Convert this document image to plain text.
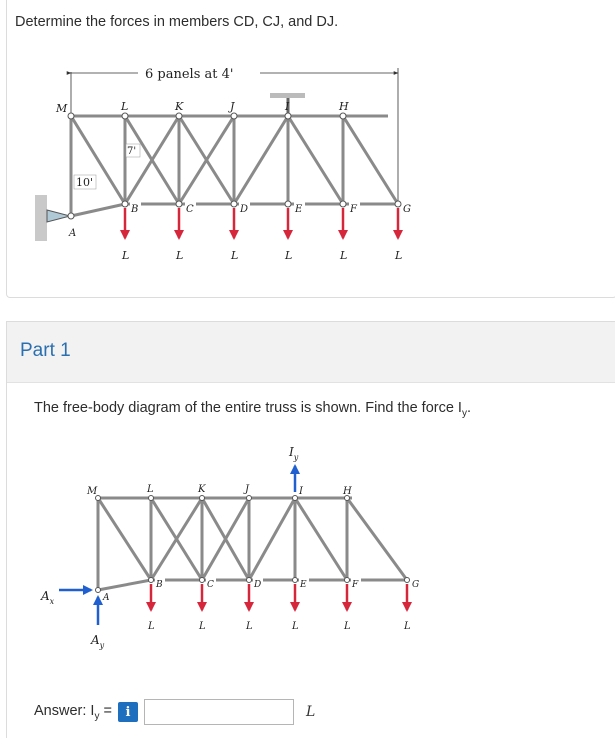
Determine the forces in members CD, CJ, and DJ.
6 panels at 4'
M	L	K	J	I	H
B	C	D	E	F	G
A
10'
7'
L	L	L	L	L	L
Part 1
The free-body diagram of the entire truss is shown. Find the force $I_y$.
$I_y$
M	L	K	J	I	H
B	C	D	E	F	G
A
$A_x$
$A_y$
L	L	L	L	L	L
Answer: $I_y$ =	i	L
